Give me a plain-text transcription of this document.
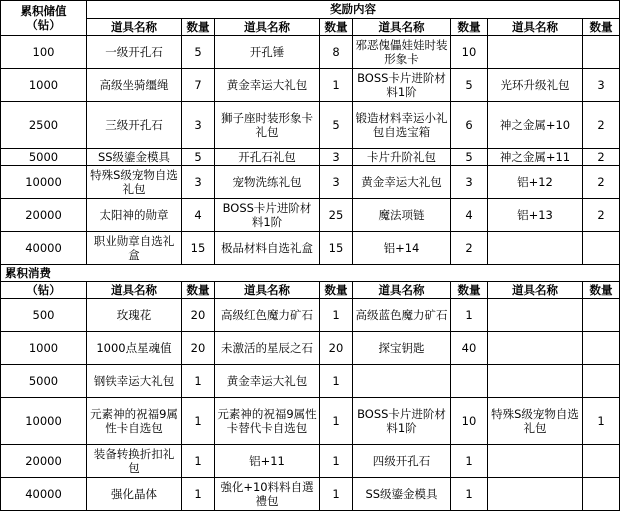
累积储值
（钻）	奖励内容							
	道具名称	数量	道具名称	数量	道具名称	数量	道具名称	数量
100	一级开孔石	5	开孔锤	8	邪恶傀儡娃娃时装形象卡	10		
1000	高级坐骑缰绳	7	黄金幸运大礼包	1	BOSS卡片进阶材料1阶	5	光环升级礼包	3
2500	三级开孔石	3	狮子座时装形象卡礼包	5	锻造材料幸运小礼包自选宝箱	6	神之金属+10	2
5000	SS级鎏金模具	5	开孔石礼包	3	卡片升阶礼包	5	神之金属+11	2
10000	特殊S级宠物自选礼包	3	宠物洗练礼包	3	黄金幸运大礼包	3	铝+12	2
20000	太阳神的勋章	4	BOSS卡片进阶材料1阶	25	魔法项链	4	铝+13	2
40000	职业勋章自选礼盒	15	极品材料自选礼盒	15	铝+14	2		

累积消费								

（钻）	道具名称	数量	道具名称	数量	道具名称	数量	道具名称	数量
500	玫瑰花	20	高级红色魔力矿石	1	高级蓝色魔力矿石	1		
1000	1000点星魂值	20	未激活的星辰之石	20	探宝钥匙	40		
5000	钢铁幸运大礼包	1	黄金幸运大礼包	1				
10000	元素神的祝福9属性卡自选包	1	元素神的祝福9属性卡替代卡自选包	1	BOSS卡片进阶材料1阶	10	特殊S级宠物自选礼包	1
20000	装备转换折扣礼包	1	铝+11	1	四级开孔石	1		
40000	强化晶体	1	強化+10料料自選禮包	1	SS级鎏金模具	1		
